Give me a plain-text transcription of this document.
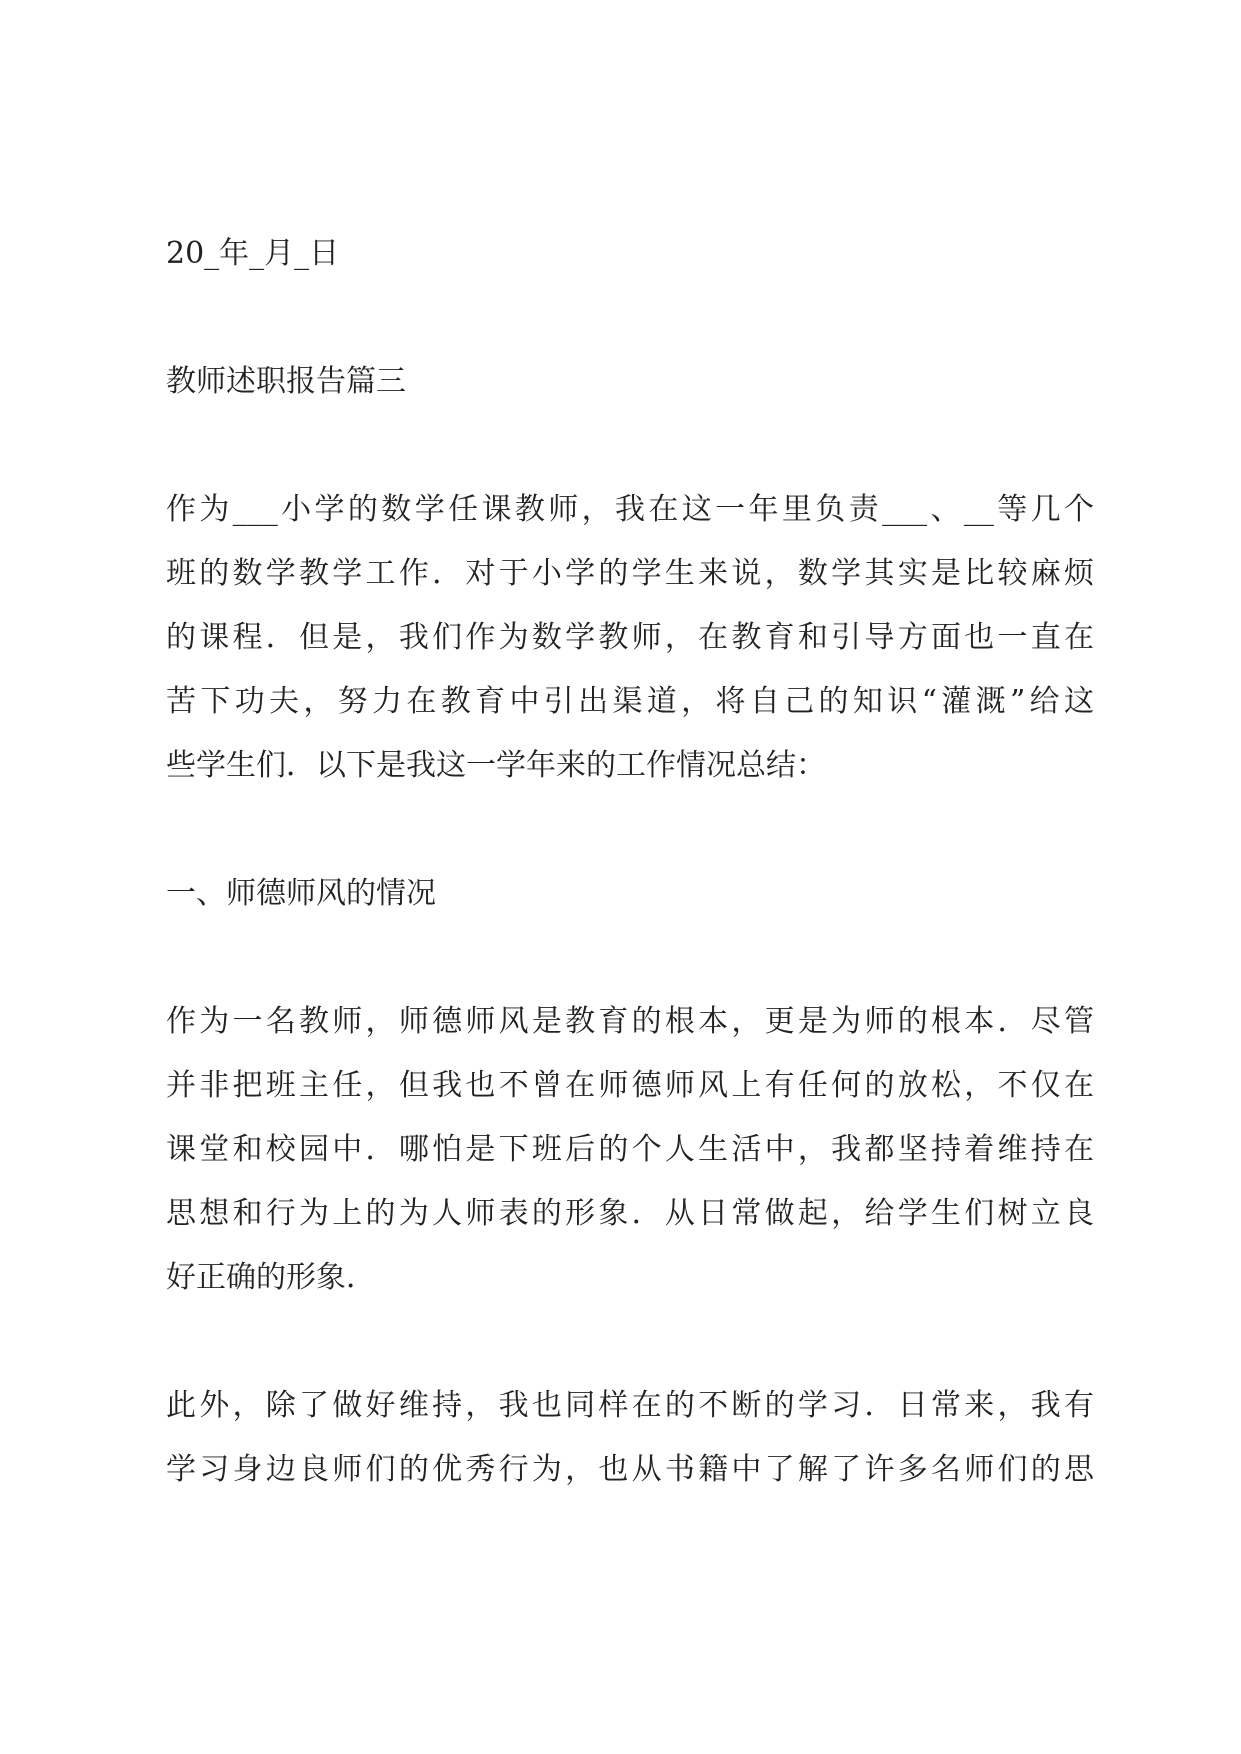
20_年_月_日
教师述职报告篇三
作为___小学的数学任课教师，我在这一年里负责___、__等几个
班的数学教学工作．对于小学的学生来说，数学其实是比较麻烦
的课程．但是，我们作为数学教师，在教育和引导方面也一直在
苦下功夫，努力在教育中引出渠道，将自己的知识“灌溉”给这
些学生们．以下是我这一学年来的工作情况总结：
一、师德师风的情况
作为一名教师，师德师风是教育的根本，更是为师的根本．尽管
并非把班主任，但我也不曾在师德师风上有任何的放松，不仅在
课堂和校园中．哪怕是下班后的个人生活中，我都坚持着维持在
思想和行为上的为人师表的形象．从日常做起，给学生们树立良
好正确的形象．
此外，除了做好维持，我也同样在的不断的学习．日常来，我有
学习身边良师们的优秀行为，也从书籍中了解了许多名师们的思
